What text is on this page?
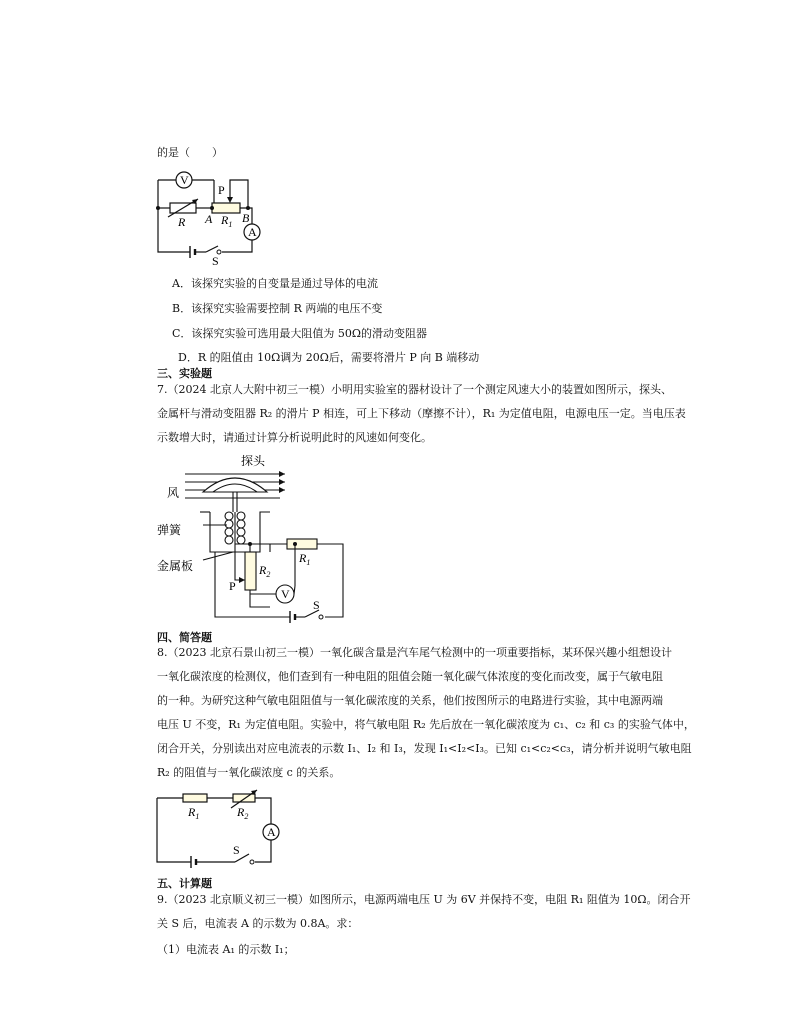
的是（　　）
V
P
R A $R_1$ B
A
S
A．该探究实验的自变量是通过导体的电流
B．该探究实验需要控制 R 两端的电压不变
C．该探究实验可选用最大阻值为 50Ω的滑动变阻器
D．R 的阻值由 10Ω调为 20Ω后，需要将滑片 P 向 B 端移动
三、实验题
7.（2024 北京人大附中初三一模）小明用实验室的器材设计了一个测定风速大小的装置如图所示，探头、
金属杆与滑动变阻器 R₂ 的滑片 P 相连，可上下移动（摩擦不计），R₁ 为定值电阻，电源电压一定。当电压表
示数增大时，请通过计算分析说明此时的风速如何变化。
探头
风
弹簧
金属板	$R_2$
P
V
$R_1$
S
四、简答题
8.（2023 北京石景山初三一模）一氧化碳含量是汽车尾气检测中的一项重要指标，某环保兴趣小组想设计
一氧化碳浓度的检测仪，他们查到有一种电阻的阻值会随一氧化碳气体浓度的变化而改变，属于气敏电阻
的一种。为研究这种气敏电阻阻值与一氧化碳浓度的关系，他们按图所示的电路进行实验，其中电源两端
电压 U 不变，R₁ 为定值电阻。实验中，将气敏电阻 R₂ 先后放在一氧化碳浓度为 c₁、c₂ 和 c₃ 的实验气体中，
闭合开关，分别读出对应电流表的示数 I₁、I₂ 和 I₃，发现 I₁<I₂<I₃。已知 c₁<c₂<c₃，请分析并说明气敏电阻
R₂ 的阻值与一氧化碳浓度 c 的关系。
$R_1$	$R_2$
A
S
五、计算题
9.（2023 北京顺义初三一模）如图所示，电源两端电压 U 为 6V 并保持不变，电阻 R₁ 阻值为 10Ω。闭合开
关 S 后，电流表 A 的示数为 0.8A。求：
（1）电流表 A₁ 的示数 I₁；
